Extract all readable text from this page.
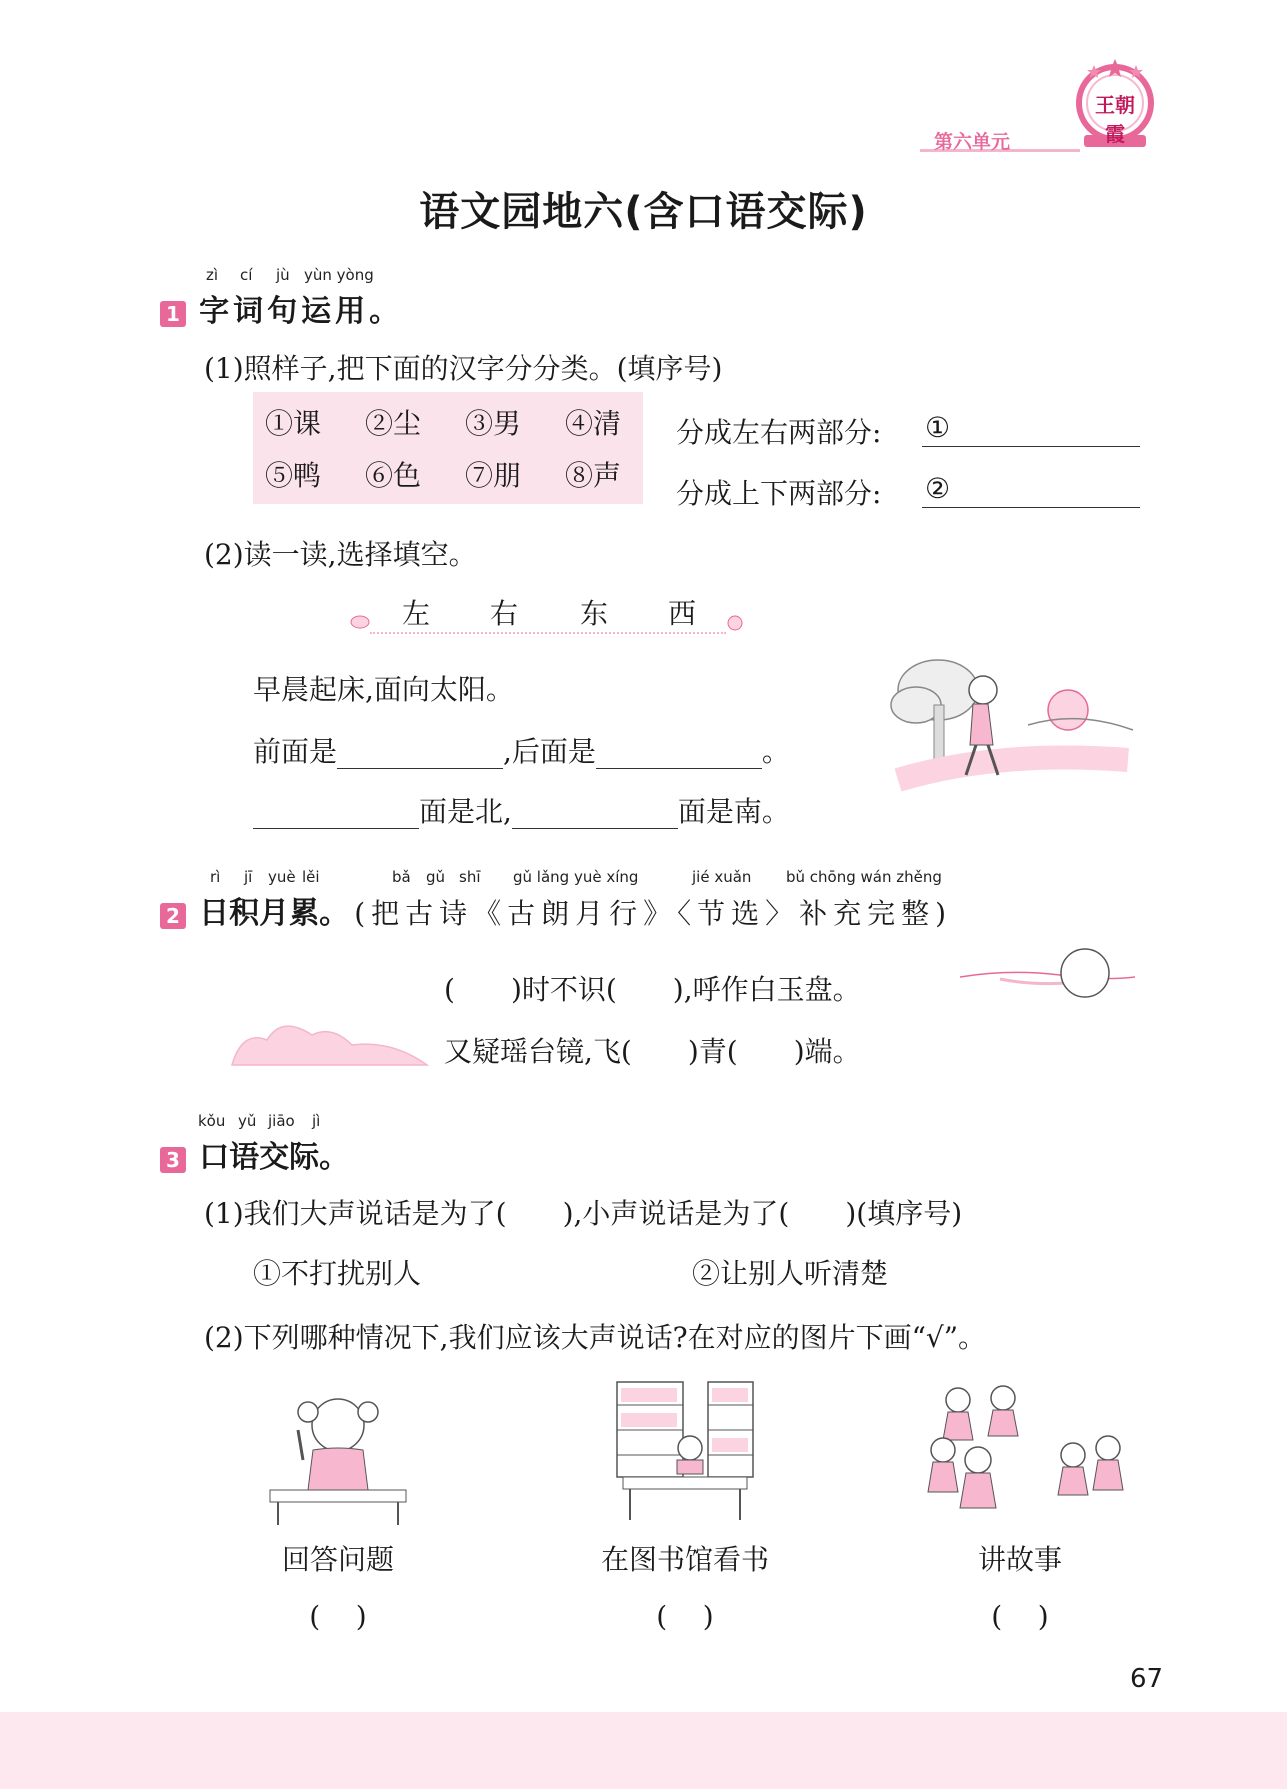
第六单元
王朝霞
语文园地六(含口语交际)
zì cí jù yùn yòng
1 字词句运用。
(1)照样子,把下面的汉字分分类。(填序号)
①课 ②尘 ③男 ④清
⑤鸭 ⑥色 ⑦朋 ⑧声
分成左右两部分: ①
分成上下两部分: ②
(2)读一读,选择填空。
左 右 东 西
早晨起床,面向太阳。
前面是	,后面是	。
面是北,	面是南。
rì jī yuè lěi	bǎ gǔ shī gǔ lǎng yuè xíng	jié xuǎn bǔ chōng wán zhěng
2 日积月累。 (把古诗《古朗月行》〈节选〉补充完整)
( )时不识( ),呼作白玉盘。
又疑瑶台镜,飞( )青( )端。
kǒu yǔ jiāo jì
3 口语交际。
(1)我们大声说话是为了( ),小声说话是为了( )(填序号)
①不打扰别人	②让别人听清楚
(2)下列哪种情况下,我们应该大声说话?在对应的图片下画“√”。
回答问题	在图书馆看书	讲故事
(    )	(    )	(    )
67
